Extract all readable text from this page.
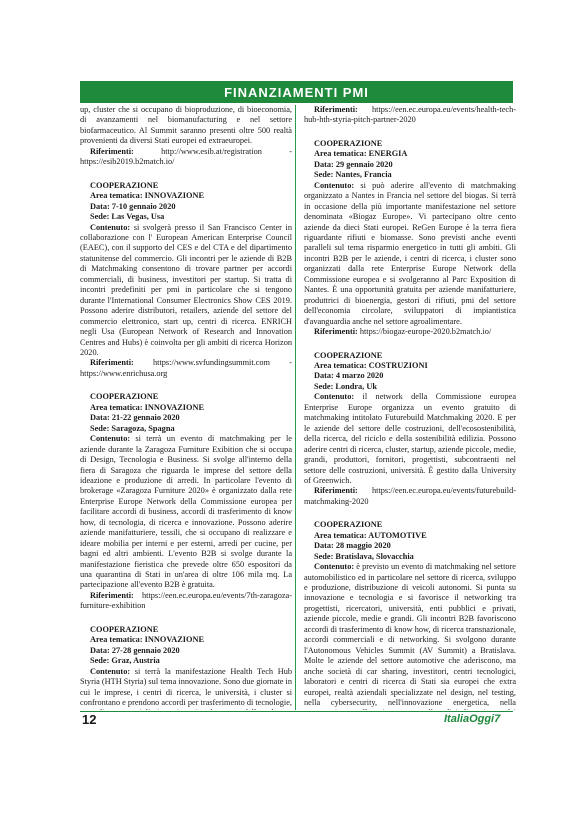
FINANZIAMENTI PMI

up, cluster che si occupano di bioproduzione, di bioeconomia, di avanzamenti nel biomanufacturing e nel settore biofarmaceutico. Al Summit saranno presenti oltre 500 realtà provenienti da diversi Stati europei ed extraeuropei.

Riferimenti: http://www.esib.at/registration - https://esib2019.b2match.io/

COOPERAZIONE
Area tematica: INNOVAZIONE
Data: 7-10 gennaio 2020
Sede: Las Vegas, Usa

Contenuto: si svolgerà presso il San Francisco Center in collaborazione con l' European American Enterprise Council (EAEC), con il supporto del CES e del CTA e del dipartimento statunitense del commercio. Gli incontri per le aziende di B2B di Matchmaking consentono di trovare partner per accordi commerciali, di business, investitori per startup. Si tratta di incontri predefiniti per pmi in particolare che si tengono durante l'International Consumer Electronics Show CES 2019. Possono aderire distributori, retailers, aziende del settore del commercio elettronico, start up, centri di ricerca. ENRICH negli Usa (European Network of Research and Innovation Centres and Hubs) è coinvolta per gli ambiti di ricerca Horizon 2020.

Riferimenti: https://www.svfundingsummit.com - https://www.enrichusa.org

COOPERAZIONE
Area tematica: INNOVAZIONE
Data: 21-22 gennaio 2020
Sede: Saragoza, Spagna

Contenuto: si terrà un evento di matchmaking per le aziende durante la Zaragoza Furniture Exibition che si occupa di Design, Tecnologia e Business. Si svolge all'interno della fiera di Saragoza che riguarda le imprese del settore della ideazione e produzione di arredi. In particolare l'evento di brokerage «Zaragoza Furniture 2020» è organizzato dalla rete Enterprise Europe Network della Commissione europea per facilitare accordi di business, accordi di trasferimento di know how, di tecnologia, di ricerca e innovazione. Possono aderire aziende manifatturiere, tessili, che si occupano di realizzare e ideare mobilia per interni e per esterni, arredi per cucine, per bagni ed altri ambienti. L'evento B2B si svolge durante la manifestazione fieristica che prevede oltre 650 espositori da una quarantina di Stati in un'area di oltre 106 mila mq. La partecipazione all'evento B2B è gratuita.

Riferimenti: https://een.ec.europa.eu/events/7th-zaragoza-furniture-exhibition

COOPERAZIONE
Area tematica: INNOVAZIONE
Data: 27-28 gennaio 2020
Sede: Graz, Austria

Contenuto: si terrà la manifestazione Health Tech Hub Styria (HTH Styria) sul tema innovazione. Sono due giornate in cui le imprese, i centri di ricerca, le università, i cluster si confrontano e prendono accordi per trasferimento di tecnologie,

Riferimenti: https://een.ec.europa.eu/events/health-tech-hub-hth-styria-pitch-partner-2020

COOPERAZIONE
Area tematica: ENERGIA
Data: 29 gennaio 2020
Sede: Nantes, Francia

Contenuto: si può aderire all'evento di matchmaking organizzato a Nantes in Francia nel settore del biogas. Si terrà in occasione della più importante manifestazione nel settore denominata «Biogaz Europe». Vi partecipano oltre cento aziende da dieci Stati europei. ReGen Europe è la terra fiera riguardante rifiuti e biomasse. Sono previsti anche eventi paralleli sul tema risparmio energetico in tutti gli ambiti. Gli incontri B2B per le aziende, i centri di ricerca, i cluster sono organizzati dalla rete Enterprise Europe Network della Commissione europea e si svolgeranno al Parc Exposition di Nantes. È una opportunità gratuita per aziende manifatturiere, produttrici di bioenergia, gestori di rifiuti, pmi del settore dell'economia circolare, sviluppatori di impiantistica d'avanguardia anche nel settore agroalimentare.

Riferimenti: https://biogaz-europe-2020.b2match.io/

COOPERAZIONE
Area tematica: COSTRUZIONI
Data: 4 marzo 2020
Sede: Londra, Uk

Contenuto: il network della Commissione europea Enterprise Europe organizza un evento gratuito di matchmaking intitolato Futurebuild Matchmaking 2020. E per le aziende del settore delle costruzioni, dell'ecosostenibilità, della ricerca, del riciclo e della sostenibilità edilizia. Possono aderire centri di ricerca, cluster, startup, aziende piccole, medie, grandi, produttori, fornitori, progettisti, subcontraenti nel settore delle costruzioni, università. È gestito dalla University of Greenwich.

Riferimenti: https://een.ec.europa.eu/events/futurebuild-matchmaking-2020

COOPERAZIONE
Area tematica: AUTOMOTIVE
Data: 28 maggio 2020
Sede: Bratislava, Slovacchia

Contenuto: è previsto un evento di matchmaking nel settore automobilistico ed in particolare nel settore di ricerca, sviluppo e produzione, distribuzione di veicoli autonomi. Si punta su innovazione e tecnologia e si favorisce il networking tra progettisti, ricercatori, università, enti pubblici e privati, aziende piccole, medie e grandi. Gli incontri B2B favoriscono accordi di trasferimento di know how, di ricerca transnazionale, accordi commerciali e di networking. Si svolgono durante l'Autonomous Vehicles Summit (AV Summit) a Bratislava. Molte le aziende del settore automotive che aderiscono, ma anche società di car sharing, investitori, centri tecnologici, laboratori e centri di ricerca di Stati sia europei che extra europei, realtà aziendali specializzate nel design, nel testing, nella cybersecurity, nell'innovazione energetica, nella

12	ItaliaOggi7
